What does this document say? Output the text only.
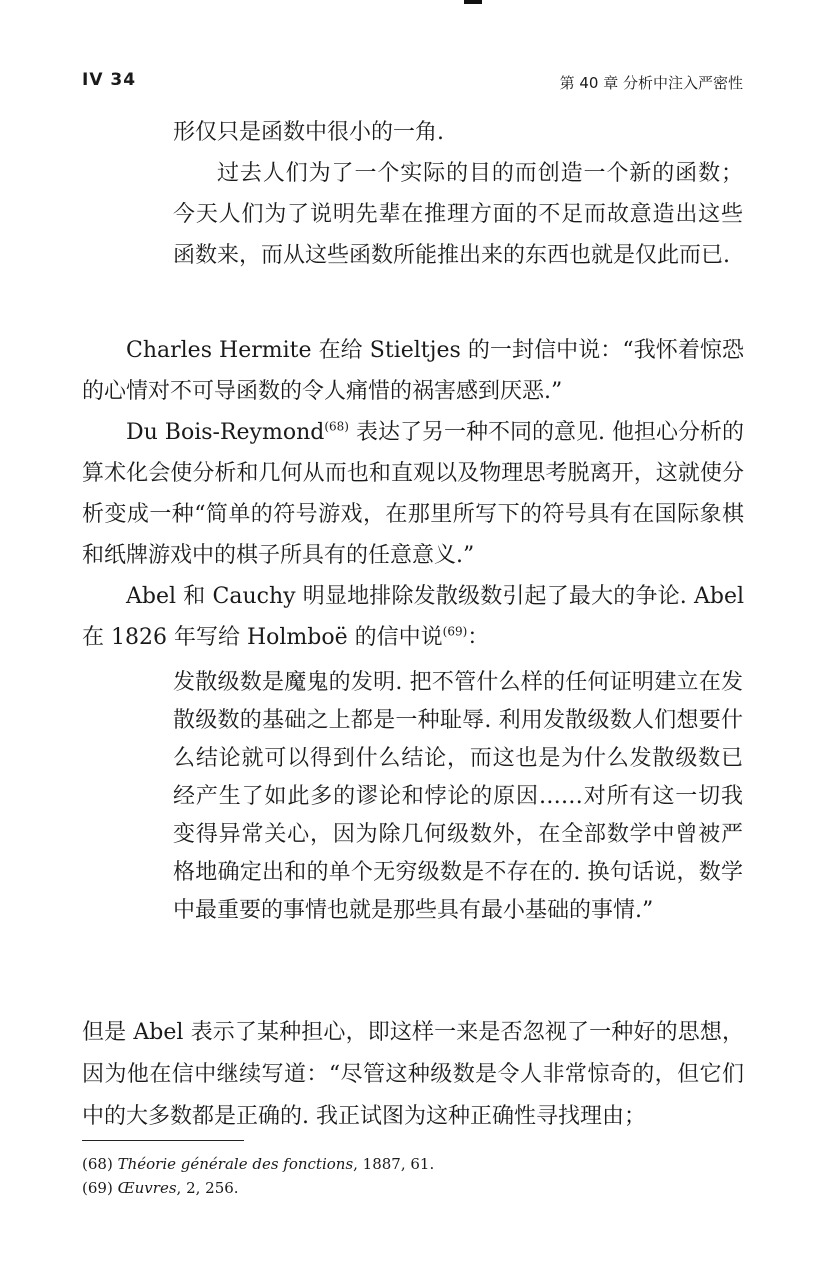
IV 34	第 40 章 分析中注入严密性

形仅只是函数中很小的一角.

过去人们为了一个实际的目的而创造一个新的函数；今天人们为了说明先辈在推理方面的不足而故意造出这些函数来，而从这些函数所能推出来的东西也就是仅此而已.

Charles Hermite 在给 Stieltjes 的一封信中说：“我怀着惊恐的心情对不可导函数的令人痛惜的祸害感到厌恶.”

Du Bois-Reymond$^{(68)}$ 表达了另一种不同的意见. 他担心分析的算术化会使分析和几何从而也和直观以及物理思考脱离开，这就使分析变成一种“简单的符号游戏，在那里所写下的符号具有在国际象棋和纸牌游戏中的棋子所具有的任意意义.”

Abel 和 Cauchy 明显地排除发散级数引起了最大的争论. Abel 在 1826 年写给 Holmboë 的信中说$^{(69)}$：

发散级数是魔鬼的发明. 把不管什么样的任何证明建立在发散级数的基础之上都是一种耻辱. 利用发散级数人们想要什么结论就可以得到什么结论，而这也是为什么发散级数已经产生了如此多的谬论和悖论的原因……对所有这一切我变得异常关心，因为除几何级数外，在全部数学中曾被严格地确定出和的单个无穷级数是不存在的. 换句话说，数学中最重要的事情也就是那些具有最小基础的事情.”

但是 Abel 表示了某种担心，即这样一来是否忽视了一种好的思想，因为他在信中继续写道：“尽管这种级数是令人非常惊奇的，但它们中的大多数都是正确的. 我正试图为这种正确性寻找理由；

(68) Théorie générale des fonctions, 1887, 61.

(69) Œuvres, 2, 256.
